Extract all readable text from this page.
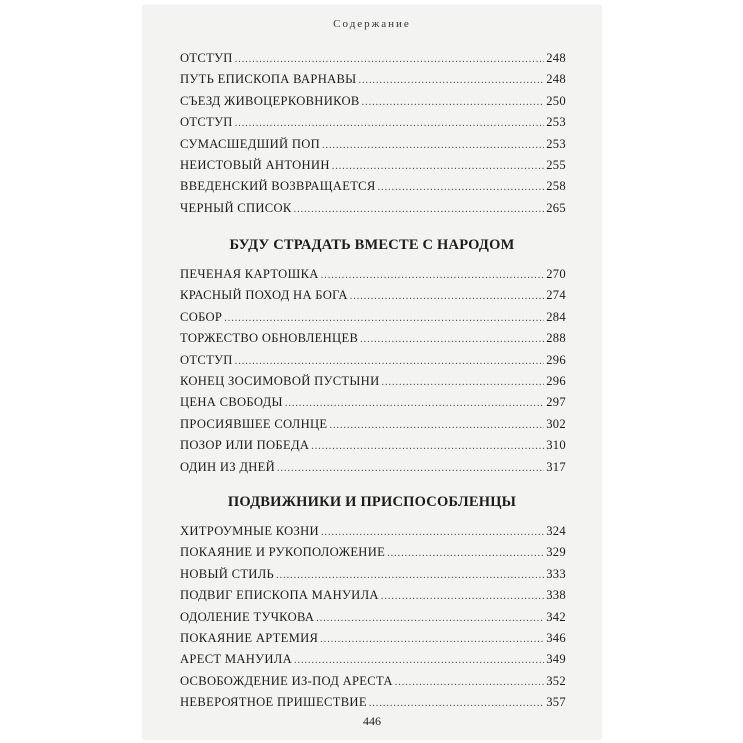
Содержание
ОТСТУП .....	248
ПУТЬ ЕПИСКОПА ВАРНАВЫ .....	248
СЪЕЗД ЖИВОЦЕРКОВНИКОВ .....	250
ОТСТУП .....	253
СУМАСШЕДШИЙ ПОП .....	253
НЕИСТОВЫЙ АНТОНИН .....	255
ВВЕДЕНСКИЙ ВОЗВРАЩАЕТСЯ .....	258
ЧЕРНЫЙ СПИСОК .....	265
БУДУ СТРАДАТЬ ВМЕСТЕ С НАРОДОМ
ПЕЧЕНАЯ КАРТОШКА .....	270
КРАСНЫЙ ПОХОД НА БОГА .....	274
СОБОР .....	284
ТОРЖЕСТВО ОБНОВЛЕНЦЕВ .....	288
ОТСТУП .....	296
КОНЕЦ ЗОСИМОВОЙ ПУСТЫНИ .....	296
ЦЕНА СВОБОДЫ .....	297
ПРОСИЯВШЕЕ СОЛНЦЕ .....	302
ПОЗОР ИЛИ ПОБЕДА .....	310
ОДИН ИЗ ДНЕЙ .....	317
ПОДВИЖНИКИ И ПРИСПОСОБЛЕНЦЫ
ХИТРОУМНЫЕ КОЗНИ .....	324
ПОКАЯНИЕ И РУКОПОЛОЖЕНИЕ .....	329
НОВЫЙ СТИЛЬ .....	333
ПОДВИГ ЕПИСКОПА МАНУИЛА .....	338
ОДОЛЕНИЕ ТУЧКОВА .....	342
ПОКАЯНИЕ АРТЕМИЯ .....	346
АРЕСТ МАНУИЛА .....	349
ОСВОБОЖДЕНИЕ ИЗ-ПОД АРЕСТА .....	352
НЕВЕРОЯТНОЕ ПРИШЕСТВИЕ .....	357
446
